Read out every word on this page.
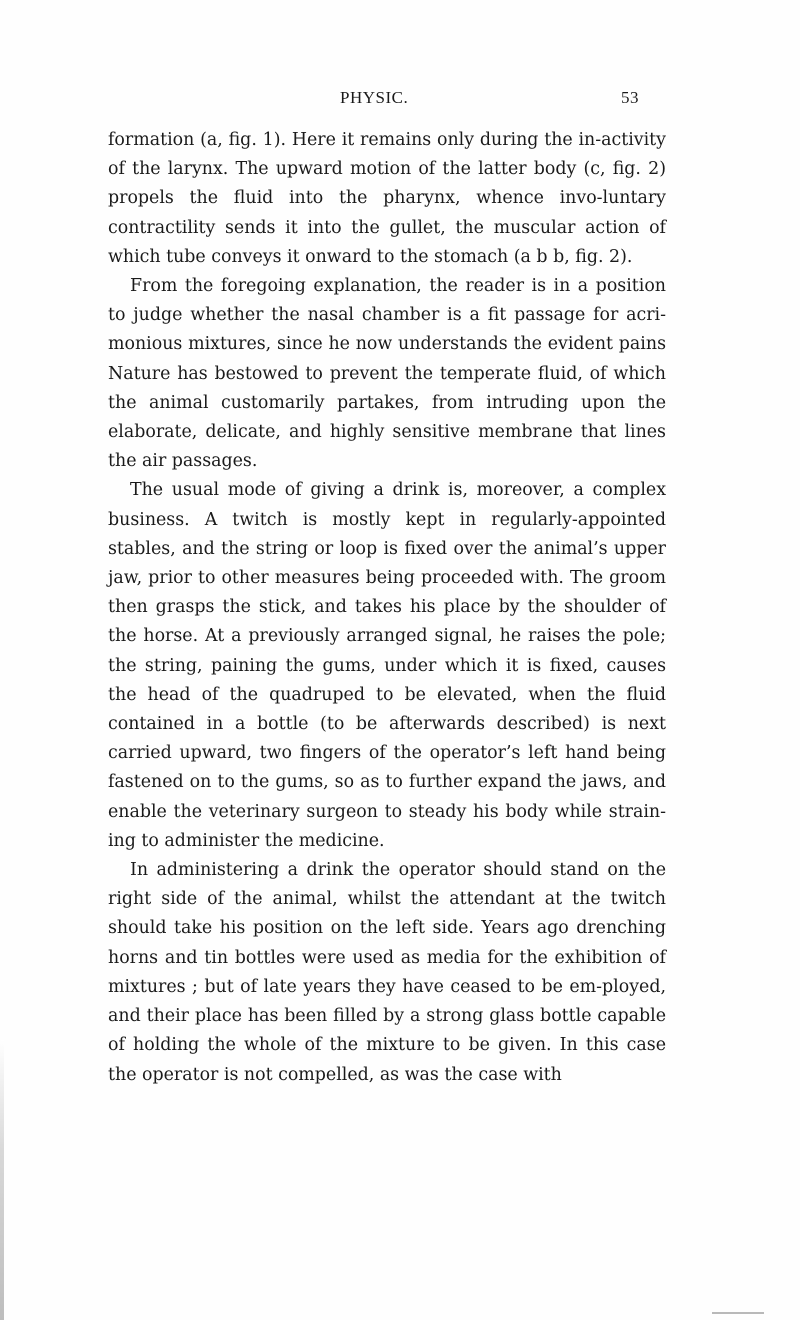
PHYSIC.	53

formation (a, fig. 1). Here it remains only during the in-activity of the larynx. The upward motion of the latter body (c, fig. 2) propels the fluid into the pharynx, whence invo-luntary contractility sends it into the gullet, the muscular action of which tube conveys it onward to the stomach (a b b, fig. 2).

From the foregoing explanation, the reader is in a position to judge whether the nasal chamber is a fit passage for acri-monious mixtures, since he now understands the evident pains Nature has bestowed to prevent the temperate fluid, of which the animal customarily partakes, from intruding upon the elaborate, delicate, and highly sensitive membrane that lines the air passages.

The usual mode of giving a drink is, moreover, a complex business. A twitch is mostly kept in regularly-appointed stables, and the string or loop is fixed over the animal’s upper jaw, prior to other measures being proceeded with. The groom then grasps the stick, and takes his place by the shoulder of the horse. At a previously arranged signal, he raises the pole; the string, paining the gums, under which it is fixed, causes the head of the quadruped to be elevated, when the fluid contained in a bottle (to be afterwards described) is next carried upward, two fingers of the operator’s left hand being fastened on to the gums, so as to further expand the jaws, and enable the veterinary surgeon to steady his body while strain-ing to administer the medicine.

In administering a drink the operator should stand on the right side of the animal, whilst the attendant at the twitch should take his position on the left side. Years ago drenching horns and tin bottles were used as media for the exhibition of mixtures ; but of late years they have ceased to be em-ployed, and their place has been filled by a strong glass bottle capable of holding the whole of the mixture to be given. In this case the operator is not compelled, as was the case with
